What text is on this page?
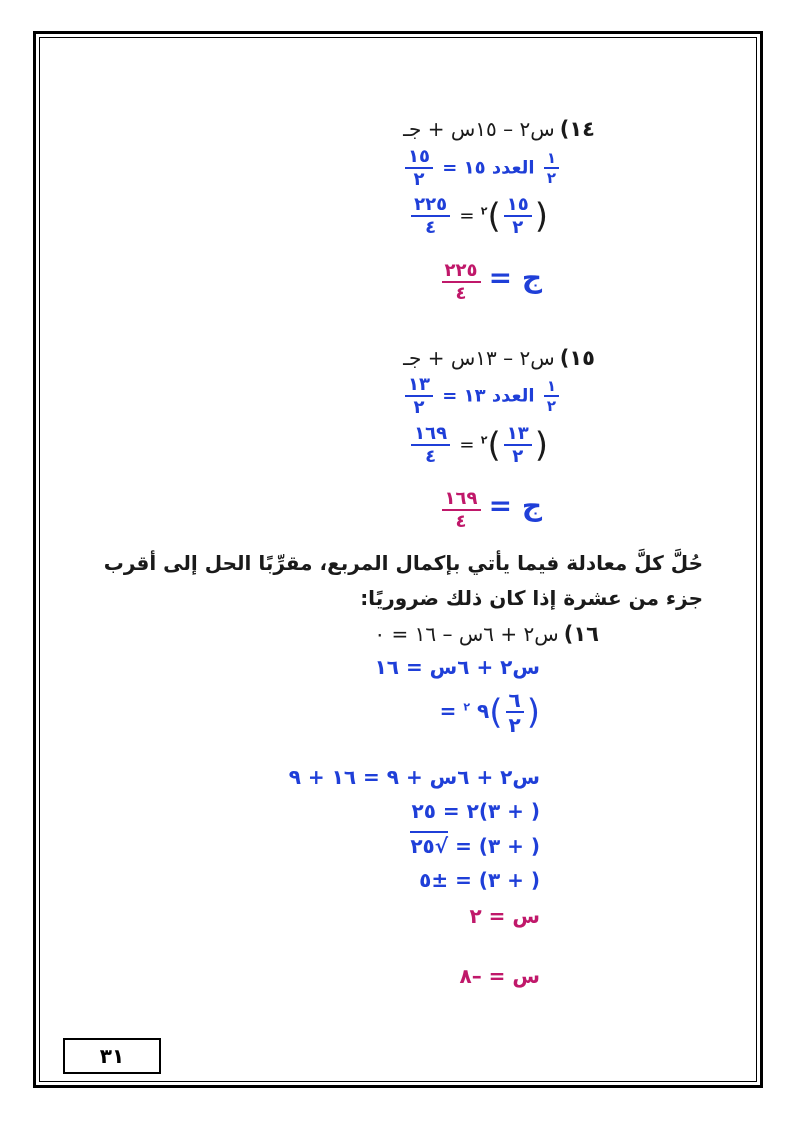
١٤) س٢ – ١٥س + جـ
$\frac{١}{٢}$
العدد ١٥ =
$\frac{١٥}{٢}$
$\frac{٢٢٥}{٤} = ^٢( \frac{١٥}{٢}$ )
ج =
$\frac{٢٢٥}{٤}$
١٥) س٢ – ١٣س + جـ
$\frac{١}{٢}$
العدد ١٣ =
$\frac{١٣}{٢}$
$\frac{١٦٩}{٤} = ^٢( \frac{١٣}{٢}$ )
ج =
$\frac{١٦٩}{٤}$
حُلَّ كلَّ معادلة فيما يأتي بإكمال المربع، مقرِّبًا الحل إلى أقرب
جزء من عشرة إذا كان ذلك ضروريًا:
١٦) س٢ + ٦س – ١٦ = ٠
س٢ + ٦س = ١٦
= ٩ $^٢$ ( $\frac{٦}{٢}$ )
س٢ + ٦س + ٩ = ١٦ + ٩
( + ٣)٢ = ٢٥
( + ٣) = √٢٥
( + ٣) = ±٥
س = ٢
س = –٨
٣١
